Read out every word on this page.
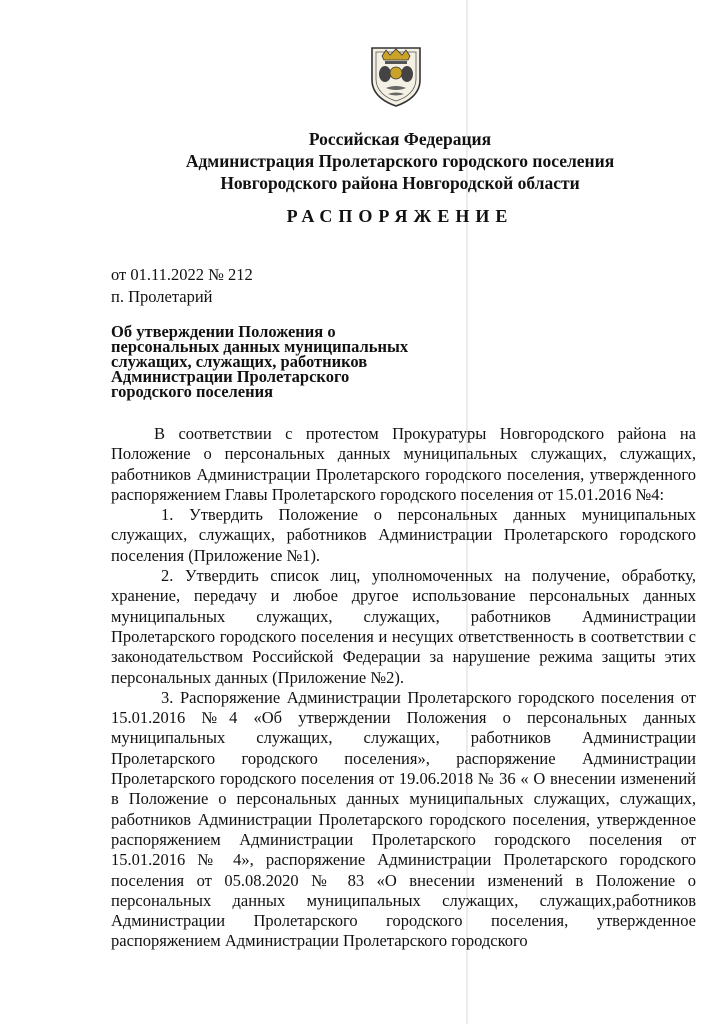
Российская Федерация
Администрация Пролетарского городского поселения
Новгородского района Новгородской области
РАСПОРЯЖЕНИЕ
от 01.11.2022 № 212
п. Пролетарий
Об утверждении Положения о
персональных данных муниципальных
служащих, служащих, работников
Администрации Пролетарского
городского поселения

В соответствии с протестом Прокуратуры Новгородского района на Положение о персональных данных муниципальных служащих, служащих, работников Администрации Пролетарского городского поселения, утвержденного распоряжением Главы Пролетарского городского поселения от 15.01.2016 №4:

1. Утвердить Положение о персональных данных муниципальных служащих, служащих, работников Администрации Пролетарского городского поселения (Приложение №1).

2. Утвердить список лиц, уполномоченных на получение, обработку, хранение, передачу и любое другое использование персональных данных муниципальных служащих, служащих, работников Администрации Пролетарского городского поселения и несущих ответственность в соответствии с законодательством Российской Федерации за нарушение режима защиты этих персональных данных (Приложение №2).

3. Распоряжение Администрации Пролетарского городского поселения от 15.01.2016 №4 «Об утверждении Положения о персональных данных муниципальных служащих, служащих, работников Администрации Пролетарского городского поселения», распоряжение Администрации Пролетарского городского поселения от 19.06.2018 № 36 « О внесении изменений в Положение о персональных данных муниципальных служащих, служащих, работников Администрации Пролетарского городского поселения, утвержденное распоряжением Администрации Пролетарского городского поселения от 15.01.2016 № 4», распоряжение Администрации Пролетарского городского поселения от 05.08.2020 № 83 «О внесении изменений в Положение о персональных данных муниципальных служащих, служащих,работников Администрации Пролетарского городского поселения, утвержденное распоряжением Администрации Пролетарского городского
